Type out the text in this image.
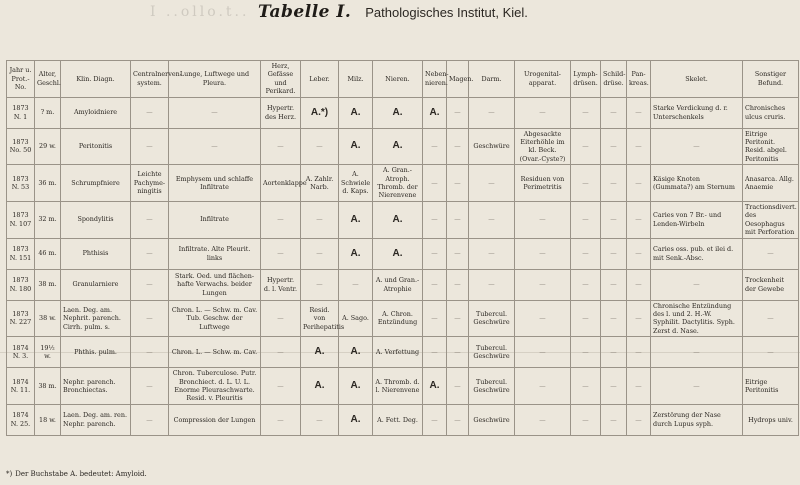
I ..ollo.t.. Tabelle I. Pathologisches Institut, Kiel.
Jahr u. Prot.-No.	Alter, Geschl.	Klin. Diagn.	Centralnerven-system.	Lunge, Luftwege und Pleura.	Herz, Gefässe und Perikard.	Leber.	Milz.	Nieren.	Neben-nieren.	Magen.	Darm.	Urogenital-apparat.	Lymph-drüsen.	Schild-drüse.	Pan-kreas.	Skelet.	Sonstiger Befund.
1873 N. 1	? m.	Amyloidniere	—	—	Hypertr. des Herz.	A.*)	A.	A.	A.	—	—	—	—	—	—	Starke Verdickung d. r. Unterschenkels	Chronisches ulcus cruris.
1873 No. 50	29 w.	Peritonitis	—	—	—	—	A.	A.	—	—	Geschwüre	Abgesackte Eiterhöhle im kl. Beck. (Ovar.-Cyste?)	—	—	—	—	Eitrige Peritonit. Resid. abgel. Peritonitis
1873 N. 53	36 m.	Schrumpfniere	Leichte Pachyme-ningitis	Emphysem und schlaffe Infiltrate	Aortenklappe	A. Zahlr. Narb.	A. Schwiele d. Kaps.	A. Gran.-Atroph. Thromb. der Nierenvene	—	—	—	Residuen von Perimetritis	—	—	—	Käsige Knoten (Gummata?) am Sternum	Anasarca. Allg. Anaemie
1873 N. 107	32 m.	Spondylitis	—	Infiltrate	—	—	A.	A.	—	—	—	—	—	—	—	Caries von 7 Br.- und Lenden-Wirbeln	Tractionsdivert. des Oesophagus mit Perforation
1873 N. 151	46 m.	Phthisis	—	Infiltrate. Alte Pleurit. links	—	—	A.	A.	—	—	—	—	—	—	—	Caries oss. pub. et ilei d. mit Senk.-Absc.	—
1873 N. 180	38 m.	Granularniere	—	Stark. Oed. und flächen-hafte Verwachs. beider Lungen	Hypertr. d. l. Ventr.	—	—	A. und Gran.-Atrophie	—	—	—	—	—	—	—	—	Trockenheit der Gewebe
1873 N. 227	38 w.	Laen. Deg. am. Nephrit. parench. Cirrh. pulm. s.	—	Chron. L. — Schw. m. Cav. Tub. Geschw. der Luftwege	—	Resid. von Perihepatitis	A. Sago.	A. Chron. Entzündung	—	—	Tubercul. Geschwüre	—	—	—	—	Chronische Entzündung des l. und 2. H.-W. Syphilit. Dactylitis. Syph. Zerst d. Nase.	—
1874 N. 3.	19½ w.	Phthis. pulm.	—	Chron. L. — Schw. m. Cav.	—	A.	A.	A. Verfettung	—	—	Tubercul. Geschwüre	—	—	—	—	—	—
1874 N. 11.	38 m.	Nephr. parench. Bronchiectas.	—	Chron. Tuberculose. Putr. Bronchiect. d. L. U. L. Enorme Pleuraschwarte. Resid. v. Pleuritis	—	A.	A.	A. Thromb. d. l. Nierenvene	A.	—	Tubercul. Geschwüre	—	—	—	—	—	Eitrige Peritonitis
1874 N. 25.	18 w.	Laen. Deg. am. ren. Nephr. parench.	—	Compression der Lungen	—	—	A.	A. Fett. Deg.	—	—	Geschwüre	—	—	—	—	Zerstörung der Nase durch Lupus syph.	Hydrops univ.
*) Der Buchstabe A. bedeutet: Amyloid.
